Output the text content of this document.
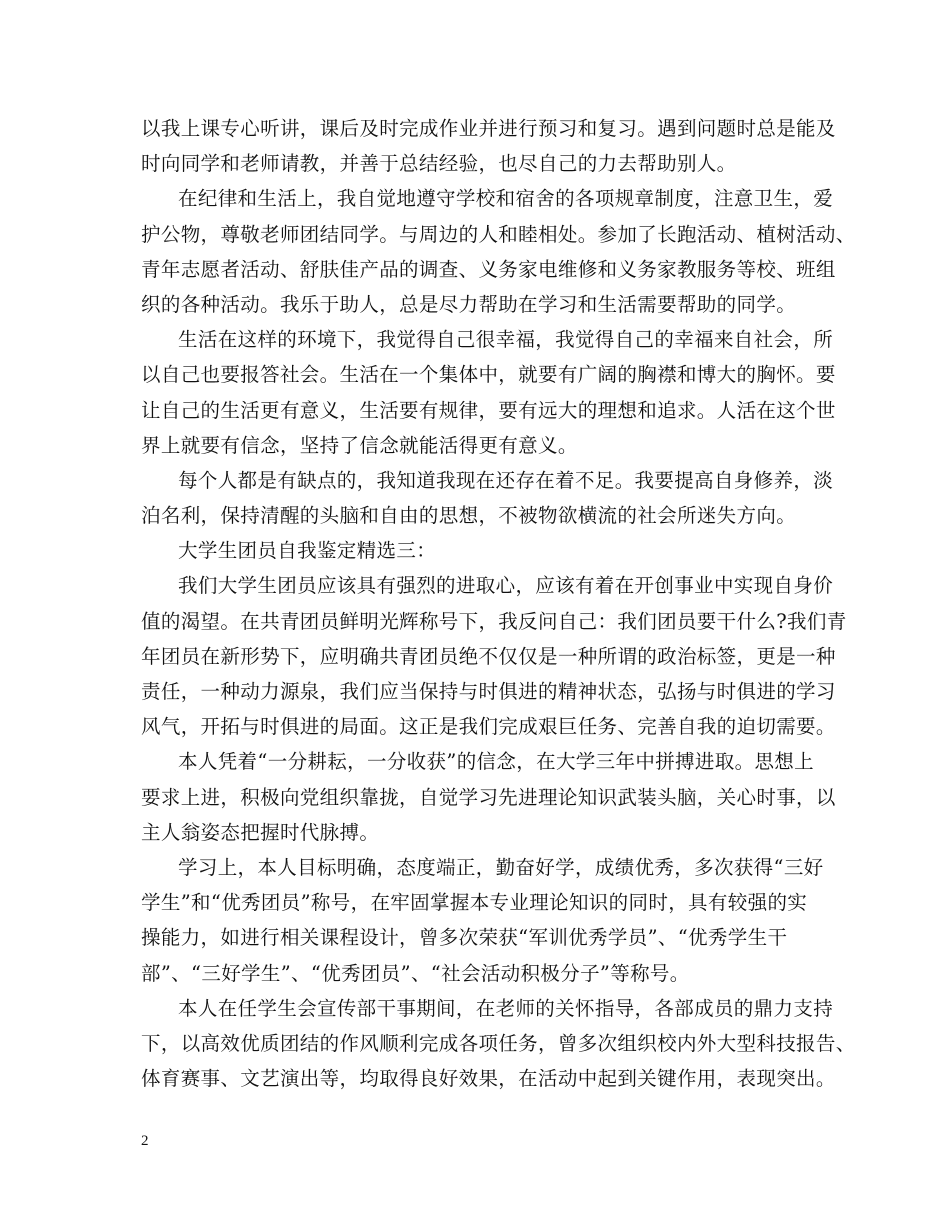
以我上课专心听讲，课后及时完成作业并进行预习和复习。遇到问题时总是能及
时向同学和老师请教，并善于总结经验，也尽自己的力去帮助别人。
在纪律和生活上，我自觉地遵守学校和宿舍的各项规章制度，注意卫生，爱
护公物，尊敬老师团结同学。与周边的人和睦相处。参加了长跑活动、植树活动、
青年志愿者活动、舒肤佳产品的调查、义务家电维修和义务家教服务等校、班组
织的各种活动。我乐于助人，总是尽力帮助在学习和生活需要帮助的同学。
生活在这样的环境下，我觉得自己很幸福，我觉得自己的幸福来自社会，所
以自己也要报答社会。生活在一个集体中，就要有广阔的胸襟和博大的胸怀。要
让自己的生活更有意义，生活要有规律，要有远大的理想和追求。人活在这个世
界上就要有信念，坚持了信念就能活得更有意义。
每个人都是有缺点的，我知道我现在还存在着不足。我要提高自身修养，淡
泊名利，保持清醒的头脑和自由的思想，不被物欲横流的社会所迷失方向。
大学生团员自我鉴定精选三：
我们大学生团员应该具有强烈的进取心，应该有着在开创事业中实现自身价
值的渴望。在共青团员鲜明光辉称号下，我反问自己：我们团员要干什么?我们青
年团员在新形势下，应明确共青团员绝不仅仅是一种所谓的政治标签，更是一种
责任，一种动力源泉，我们应当保持与时俱进的精神状态，弘扬与时俱进的学习
风气，开拓与时俱进的局面。这正是我们完成艰巨任务、完善自我的迫切需要。
本人凭着“一分耕耘，一分收获”的信念，在大学三年中拼搏进取。思想上
要求上进，积极向党组织靠拢，自觉学习先进理论知识武装头脑，关心时事，以
主人翁姿态把握时代脉搏。
学习上，本人目标明确，态度端正，勤奋好学，成绩优秀，多次获得“三好
学生”和“优秀团员”称号，在牢固掌握本专业理论知识的同时，具有较强的实
操能力，如进行相关课程设计，曾多次荣获“军训优秀学员”、“优秀学生干
部”、“三好学生”、“优秀团员”、“社会活动积极分子”等称号。
本人在任学生会宣传部干事期间，在老师的关怀指导，各部成员的鼎力支持
下，以高效优质团结的作风顺利完成各项任务，曾多次组织校内外大型科技报告、
体育赛事、文艺演出等，均取得良好效果，在活动中起到关键作用，表现突出。
2
